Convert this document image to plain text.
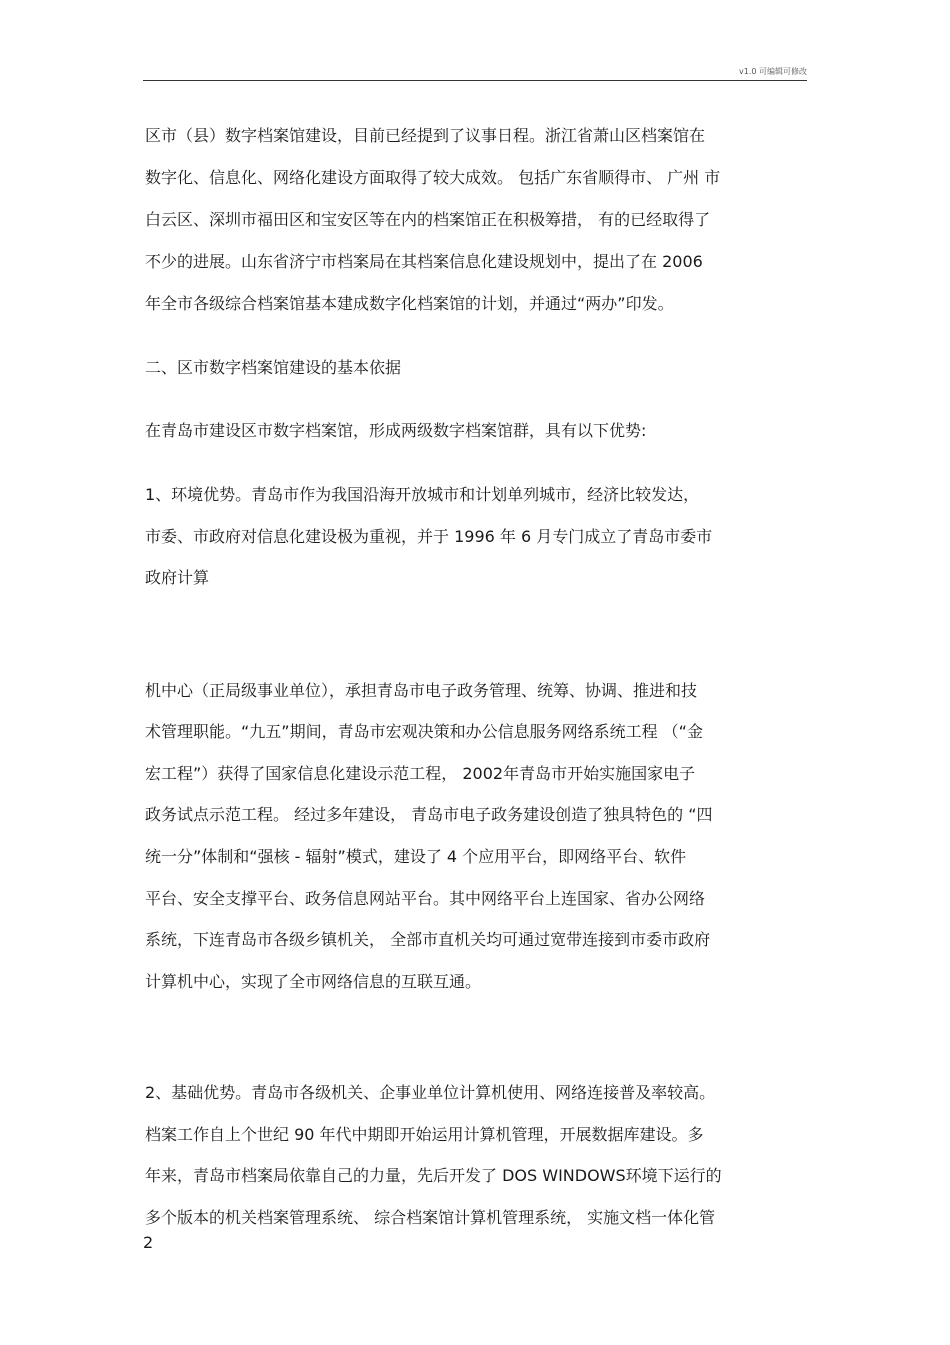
v1.0 可编辑可修改
区市（县）数字档案馆建设，目前已经提到了议事日程。浙江省萧山区档案馆在
数字化、信息化、网络化建设方面取得了较大成效。 包括广东省顺得市、 广州 市
白云区、深圳市福田区和宝安区等在内的档案馆正在积极筹措， 有的已经取得了
不少的进展。山东省济宁市档案局在其档案信息化建设规划中，提出了在 2006
年全市各级综合档案馆基本建成数字化档案馆的计划，并通过“两办”印发。
二、区市数字档案馆建设的基本依据
在青岛市建设区市数字档案馆，形成两级数字档案馆群，具有以下优势:
1、环境优势。青岛市作为我国沿海开放城市和计划单列城市，经济比较发达，
市委、市政府对信息化建设极为重视，并于 1996 年 6 月专门成立了青岛市委市
政府计算
机中心（正局级事业单位），承担青岛市电子政务管理、统筹、协调、推进和技
术管理职能。“九五”期间，青岛市宏观决策和办公信息服务网络系统工程 （“金
宏工程”）获得了国家信息化建设示范工程， 2002年青岛市开始实施国家电子
政务试点示范工程。 经过多年建设， 青岛市电子政务建设创造了独具特色的 “四
统一分”体制和“强核 - 辐射”模式，建设了 4 个应用平台，即网络平台、软件
平台、安全支撑平台、政务信息网站平台。其中网络平台上连国家、省办公网络
系统，下连青岛市各级乡镇机关， 全部市直机关均可通过宽带连接到市委市政府
计算机中心，实现了全市网络信息的互联互通。
2、基础优势。青岛市各级机关、企事业单位计算机使用、网络连接普及率较高。
档案工作自上个世纪 90 年代中期即开始运用计算机管理，开展数据库建设。多
年来，青岛市档案局依靠自己的力量，先后开发了 DOS WINDOWS环境下运行的
多个版本的机关档案管理系统、 综合档案馆计算机管理系统， 实施文档一体化管
2
